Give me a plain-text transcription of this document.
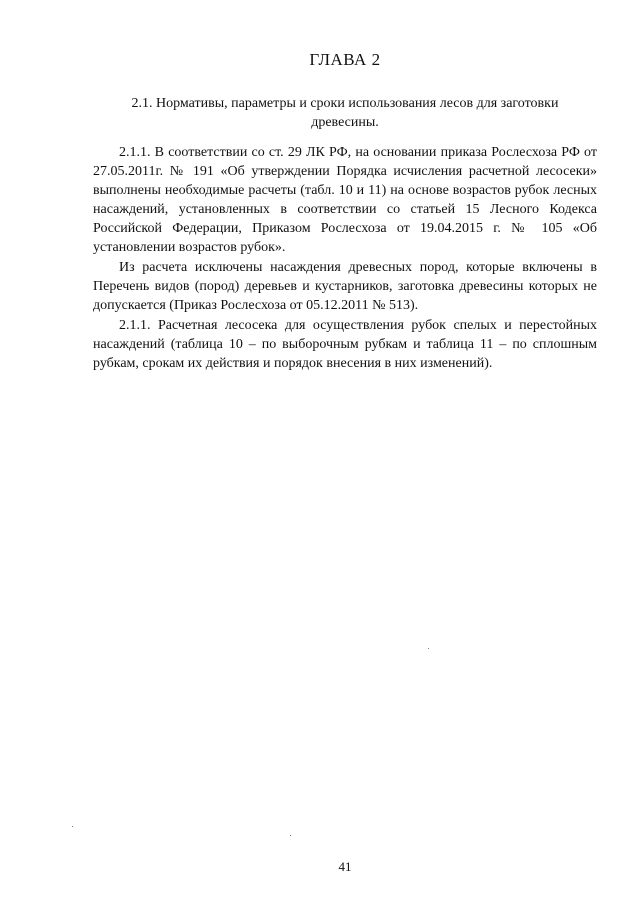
ГЛАВА 2
2.1. Нормативы, параметры и сроки использования лесов для заготовки древесины.

2.1.1. В соответствии со ст. 29 ЛК РФ, на основании приказа Рослесхоза РФ от 27.05.2011г. № 191 «Об утверждении Порядка исчисления расчетной лесосеки» выполнены необходимые расчеты (табл. 10 и 11) на основе возрастов рубок лесных насаждений, установленных в соответствии со статьей 15 Лесного Кодекса Российской Федерации, Приказом Рослесхоза от 19.04.2015 г. № 105 «Об установлении возрастов рубок».

Из расчета исключены насаждения древесных пород, которые включены в Перечень видов (пород) деревьев и кустарников, заготовка древесины которых не допускается (Приказ Рослесхоза от 05.12.2011 № 513).

2.1.1. Расчетная лесосека для осуществления рубок спелых и перестойных насаждений (таблица 10 – по выборочным рубкам и таблица 11 – по сплошным рубкам, срокам их действия и порядок внесения в них изменений).

41
